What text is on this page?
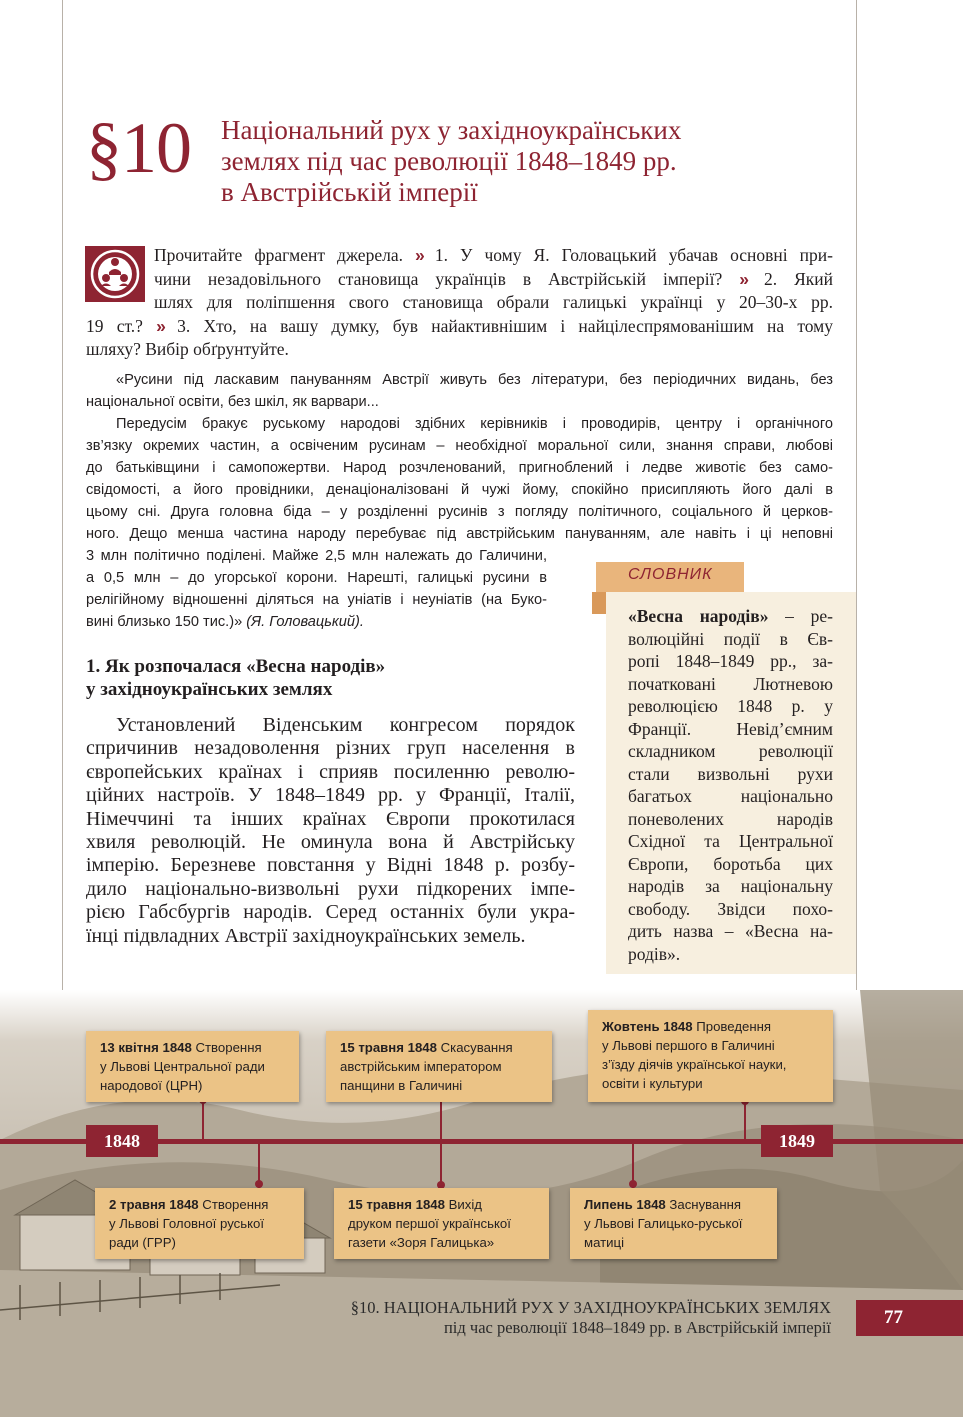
§10 Національний рух у західноукраїнських
землях під час революції 1848–1849 рр.
в Австрійській імперії
Прочитайте фрагмент джерела. » 1. У чому Я. Головацький убачав основні при-
чини незадовільного становища українців в Австрійській імперії? » 2. Який
шлях для поліпшення свого становища обрали галицькі українці у 20–30-х рр.
19 ст.? » 3. Хто, на вашу думку, був найактивнішим і найцілеспрямованішим на тому
шляху? Вибір обґрунтуйте.
«Русини під ласкавим пануванням Австрії живуть без літератури, без періодичних видань, без
національної освіти, без шкіл, як варвари...
Передусім бракує руському народові здібних керівників і проводирів, центру і органічного
зв’язку окремих частин, а освіченим русинам – необхідної моральної сили, знання справи, любові
до батьківщини і самопожертви. Народ розчленований, пригноблений і ледве животіє без само-
свідомості, а його провідники, денаціоналізовані й чужі йому, спокійно присипляють його далі в
цьому сні. Друга головна біда – у розділенні русинів з погляду політичного, соціального й церков-
ного. Дещо менша частина народу перебуває під австрійським пануванням, але навіть і ці неповні
3 млн політично поділені. Майже 2,5 млн належать до Галичини,
а 0,5 млн – до угорської корони. Нарешті, галицькі русини в
релігійному відношенні діляться на уніатів і неуніатів (на Буко-
вині близько 150 тис.)» (Я. Головацький).
СЛОВНИК
«Весна народів» – ре-
волюційні події в Єв-
ропі 1848–1849 рр., за-
початковані Лютневою
революцією 1848 р. у
Франції. Невід’ємним
складником революції
стали визвольні рухи
багатьох національно
поневолених народів
Східної та Центральної
Європи, боротьба цих
народів за національну
свободу. Звідси похо-
дить назва – «Весна на-
родів».
1. Як розпочалася «Весна народів»
у західноукраїнських землях
Установлений Віденським конгресом порядок
спричинив незадоволення різних груп населення в
європейських країнах і сприяв посиленню револю-
ційних настроїв. У 1848–1849 рр. у Франції, Італії,
Німеччині та інших країнах Європи прокотилася
хвиля революцій. Не оминула вона й Австрійську
імперію. Березневе повстання у Відні 1848 р. розбу-
дило національно-визвольні рухи підкорених імпе-
рією Габсбургів народів. Серед останніх були укра-
їнці підвладних Австрії західноукраїнських земель.
1848	1849
13 квітня 1848 Створення
у Львові Центральної ради
народової (ЦРН)
15 травня 1848 Скасування
австрійським імператором
панщини в Галичині
Жовтень 1848 Проведення
у Львові першого в Галичині
з’їзду діячів української науки,
освіти і культури
2 травня 1848 Створення
у Львові Головної руської
ради (ГРР)
15 травня 1848 Вихід
друком першої української
газети «Зоря Галицька»
Липень 1848 Заснування
у Львові Галицько-руської
матиці
§10. НАЦІОНАЛЬНИЙ РУХ У ЗАХІДНОУКРАЇНСЬКИХ ЗЕМЛЯХ
під час революції 1848–1849 рр. в Австрійській імперії	77
